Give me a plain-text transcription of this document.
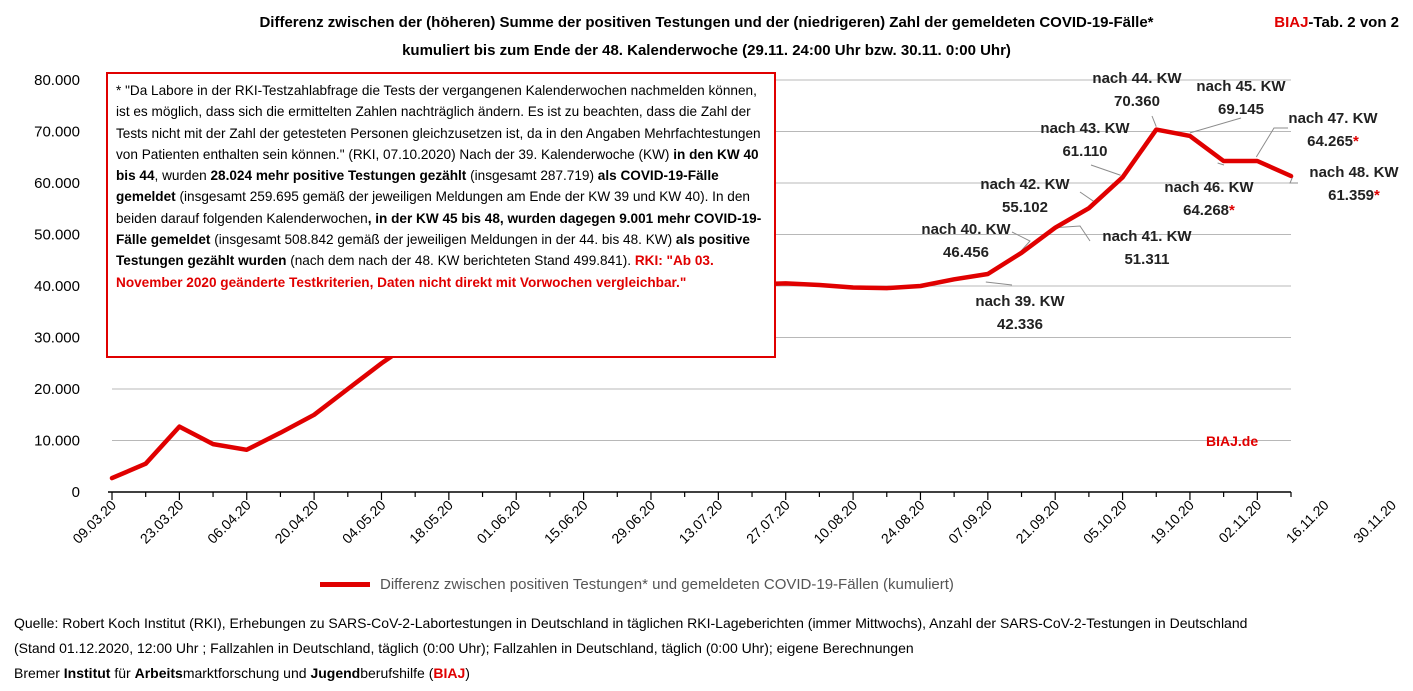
Differenz zwischen der (höheren) Summe der positiven Testungen und der (niedrigeren) Zahl der gemeldeten COVID-19-Fälle*
kumuliert bis zum Ende der 48. Kalenderwoche (29.11. 24:00 Uhr bzw. 30.11. 0:00 Uhr)
BIAJ-Tab. 2 von 2
0
10.000
20.000
30.000
40.000
50.000
60.000
70.000
80.000
09.03.20 23.03.20 06.04.20 20.04.20 04.05.20 18.05.20 01.06.20 15.06.20 29.06.20 13.07.20 27.07.20 10.08.20 24.08.20 07.09.20 21.09.20 05.10.20 19.10.20 02.11.20 16.11.20 30.11.20
nach 39. KW
42.336
nach 40. KW
46.456
nach 41. KW
51.311
nach 42. KW
55.102
nach 43. KW
61.110
nach 44. KW
70.360
nach 45. KW
69.145
nach 46. KW
64.268*
nach 47. KW
64.265*
nach 48. KW
61.359*
* "Da Labore in der RKI-Testzahlabfrage die Tests der vergangenen Kalenderwochen nachmelden können, ist es möglich, dass sich die ermittelten Zahlen nachträglich ändern. Es ist zu beachten, dass die Zahl der Tests nicht mit der Zahl der getesteten Personen gleichzusetzen ist, da in den Angaben Mehrfachtestungen von Patienten enthalten sein können." (RKI, 07.10.2020) Nach der 39. Kalenderwoche (KW) in den KW 40 bis 44, wurden 28.024 mehr positive Testungen gezählt (insgesamt 287.719) als COVID-19-Fälle gemeldet (insgesamt 259.695 gemäß der jeweiligen Meldungen am Ende der KW 39 und KW 40). In den beiden darauf folgenden Kalenderwochen, in der KW 45 bis 48, wurden dagegen 9.001 mehr COVID-19-Fälle gemeldet (insgesamt 508.842 gemäß der jeweiligen Meldungen in der 44. bis 48. KW) als positive Testungen gezählt wurden (nach dem nach der 48. KW berichteten Stand 499.841). RKI: "Ab 03. November 2020 geänderte Testkriterien, Daten nicht direkt mit Vorwochen vergleichbar."
BIAJ.de
Differenz zwischen positiven Testungen* und gemeldeten COVID-19-Fällen (kumuliert)
Quelle: Robert Koch Institut (RKI), Erhebungen zu SARS-CoV-2-Labortestungen in Deutschland in täglichen RKI-Lageberichten (immer Mittwochs), Anzahl der SARS-CoV-2-Testungen in Deutschland
(Stand 01.12.2020, 12:00 Uhr ; Fallzahlen in Deutschland, täglich (0:00 Uhr); Fallzahlen in Deutschland, täglich (0:00 Uhr); eigene Berechnungen
Bremer Institut für Arbeitsmarktforschung und Jugendberufshilfe (BIAJ)
